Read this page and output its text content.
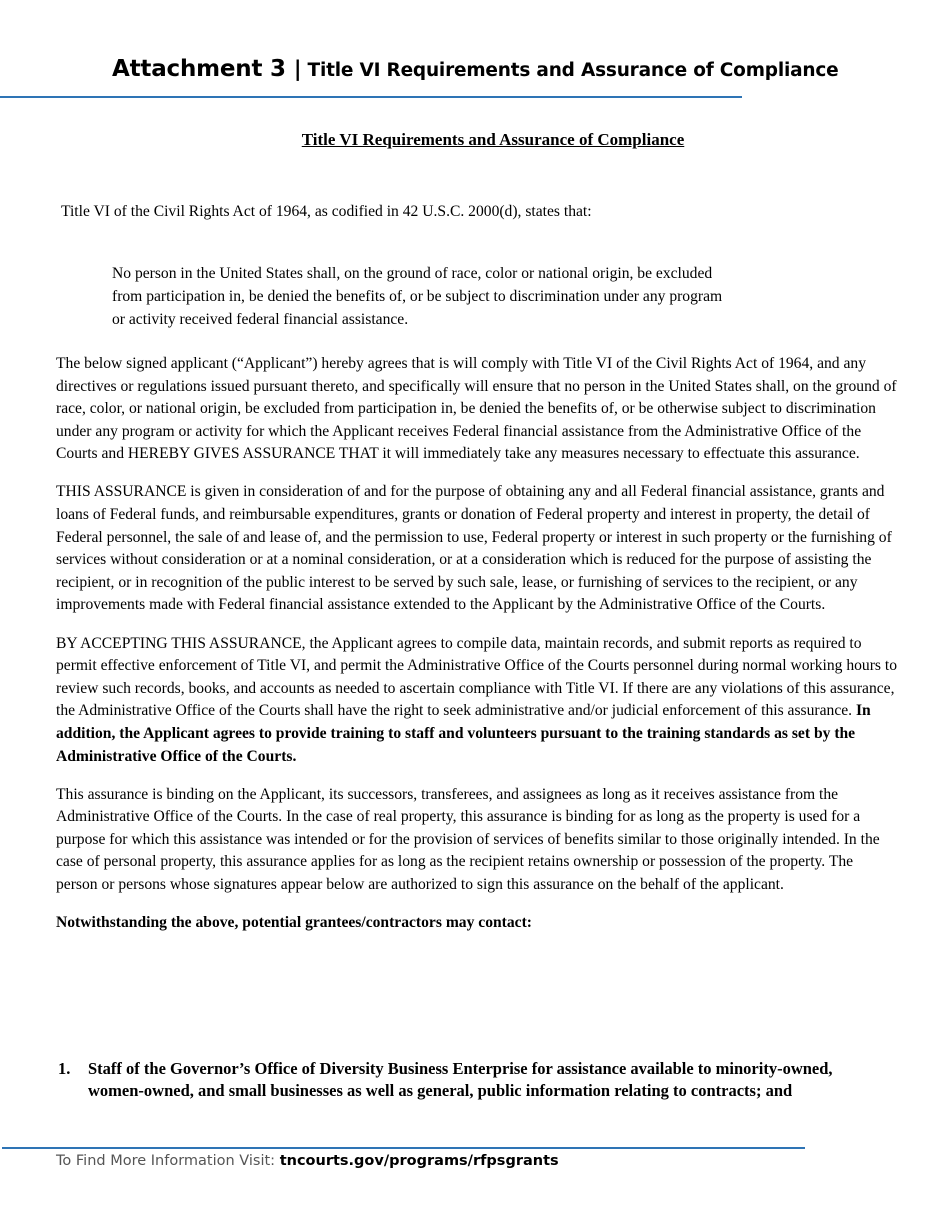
Attachment 3 | Title VI Requirements and Assurance of Compliance
Title VI Requirements and Assurance of Compliance
Title VI of the Civil Rights Act of 1964, as codified in 42 U.S.C. 2000(d), states that:
No person in the United States shall, on the ground of race, color or national origin, be excluded from participation in, be denied the benefits of, or be subject to discrimination under any program or activity received federal financial assistance.

The below signed applicant (“Applicant”) hereby agrees that is will comply with Title VI of the Civil Rights Act of 1964, and any directives or regulations issued pursuant thereto, and specifically will ensure that no person in the United States shall, on the ground of race, color, or national origin, be excluded from participation in, be denied the benefits of, or be otherwise subject to discrimination under any program or activity for which the Applicant receives Federal financial assistance from the Administrative Office of the Courts and HEREBY GIVES ASSURANCE THAT it will immediately take any measures necessary to effectuate this assurance.

THIS ASSURANCE is given in consideration of and for the purpose of obtaining any and all Federal financial assistance, grants and loans of Federal funds, and reimbursable expenditures, grants or donation of Federal property and interest in property, the detail of Federal personnel, the sale of and lease of, and the permission to use, Federal property or interest in such property or the furnishing of services without consideration or at a nominal consideration, or at a consideration which is reduced for the purpose of assisting the recipient, or in recognition of the public interest to be served by such sale, lease, or furnishing of services to the recipient, or any improvements made with Federal financial assistance extended to the Applicant by the Administrative Office of the Courts.

BY ACCEPTING THIS ASSURANCE, the Applicant agrees to compile data, maintain records, and submit reports as required to permit effective enforcement of Title VI, and permit the Administrative Office of the Courts personnel during normal working hours to review such records, books, and accounts as needed to ascertain compliance with Title VI. If there are any violations of this assurance, the Administrative Office of the Courts shall have the right to seek administrative and/or judicial enforcement of this assurance. In addition, the Applicant agrees to provide training to staff and volunteers pursuant to the training standards as set by the Administrative Office of the Courts.

This assurance is binding on the Applicant, its successors, transferees, and assignees as long as it receives assistance from the Administrative Office of the Courts. In the case of real property, this assurance is binding for as long as the property is used for a purpose for which this assistance was intended or for the provision of services of benefits similar to those originally intended. In the case of personal property, this assurance applies for as long as the recipient retains ownership or possession of the property. The person or persons whose signatures appear below are authorized to sign this assurance on the behalf of the applicant.

Notwithstanding the above, potential grantees/contractors may contact:

1. Staff of the Governor’s Office of Diversity Business Enterprise for assistance available to minority-owned, women-owned, and small businesses as well as general, public information relating to contracts; and
To Find More Information Visit: tncourts.gov/programs/rfpsgrants
